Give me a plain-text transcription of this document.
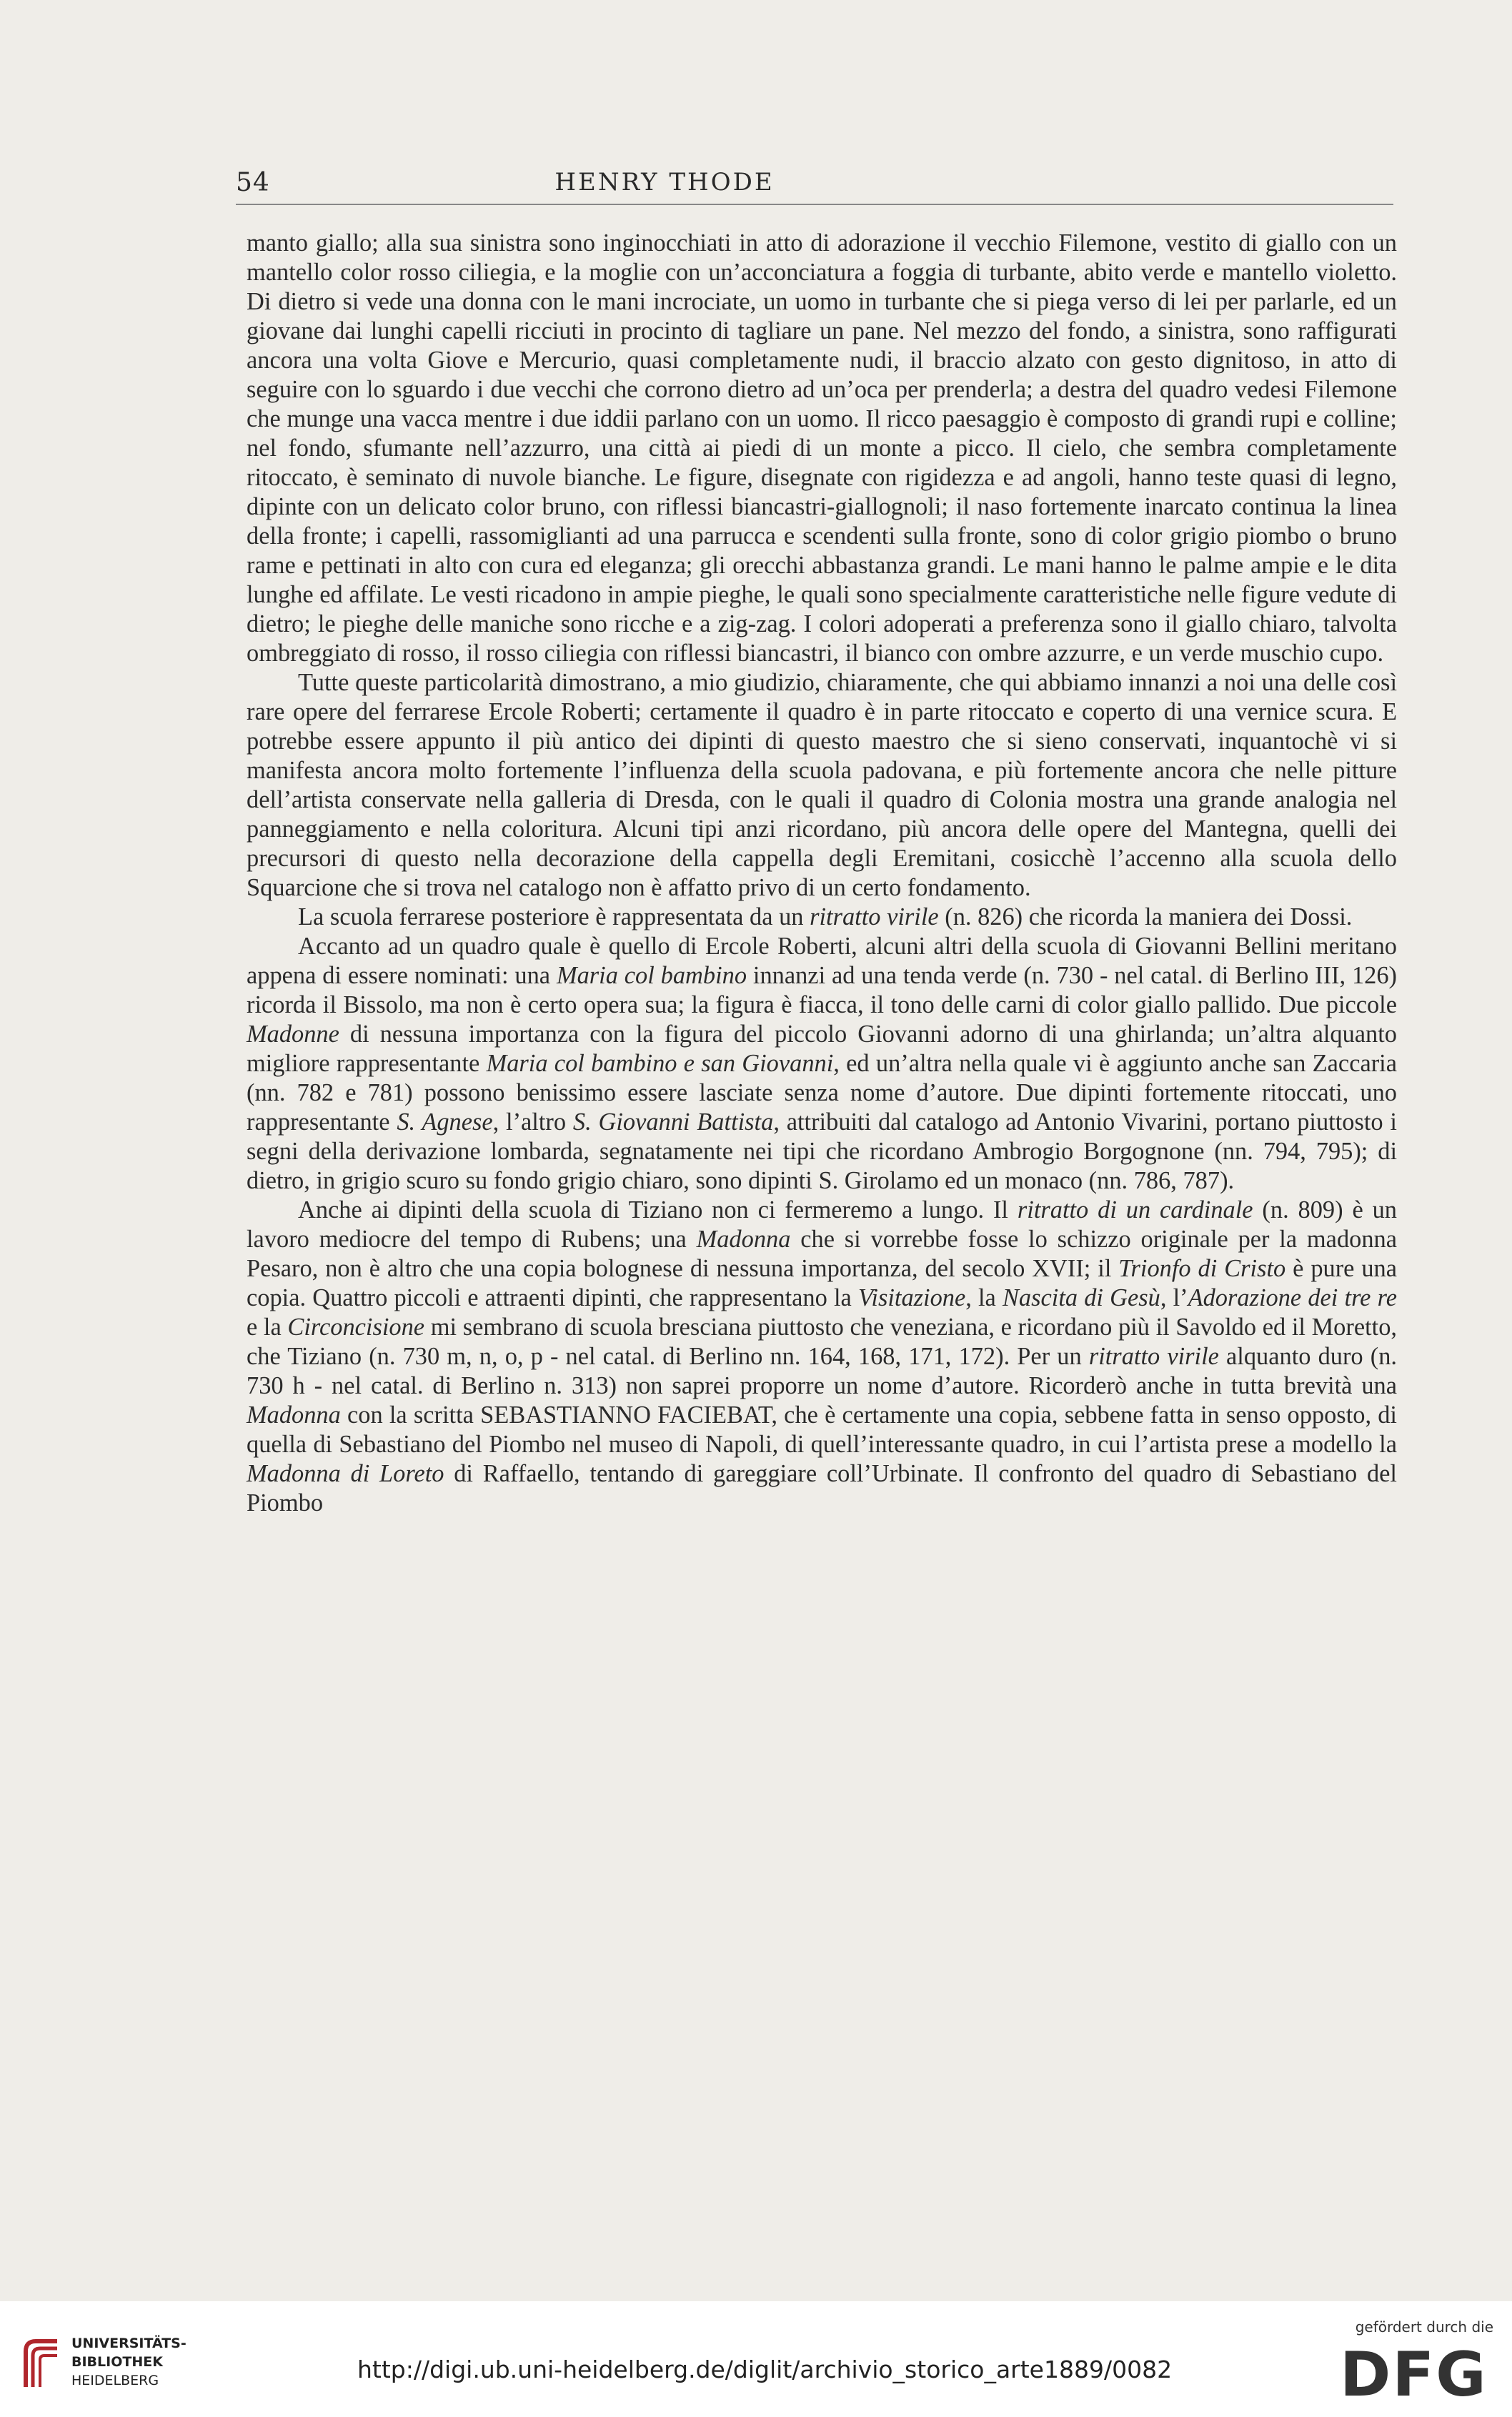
54	HENRY THODE

manto giallo; alla sua sinistra sono inginocchiati in atto di adorazione il vecchio Filemone, vestito di giallo con un mantello color rosso ciliegia, e la moglie con un’acconciatura a foggia di turbante, abito verde e mantello violetto. Di dietro si vede una donna con le mani incrociate, un uomo in turbante che si piega verso di lei per parlarle, ed un giovane dai lunghi capelli ricciuti in procinto di tagliare un pane. Nel mezzo del fondo, a sinistra, sono raffigurati ancora una volta Giove e Mercurio, quasi completamente nudi, il braccio alzato con gesto dignitoso, in atto di seguire con lo sguardo i due vecchi che corrono dietro ad un’oca per prenderla; a destra del quadro vedesi Filemone che munge una vacca mentre i due iddii parlano con un uomo. Il ricco paesaggio è composto di grandi rupi e colline; nel fondo, sfumante nell’azzurro, una città ai piedi di un monte a picco. Il cielo, che sembra completamente ritoccato, è seminato di nuvole bianche. Le figure, disegnate con rigidezza e ad angoli, hanno teste quasi di legno, dipinte con un delicato color bruno, con riflessi biancastri-giallognoli; il naso fortemente inarcato continua la linea della fronte; i capelli, rassomiglianti ad una parrucca e scendenti sulla fronte, sono di color grigio piombo o bruno rame e pettinati in alto con cura ed eleganza; gli orecchi abbastanza grandi. Le mani hanno le palme ampie e le dita lunghe ed affilate. Le vesti ricadono in ampie pieghe, le quali sono specialmente caratteristiche nelle figure vedute di dietro; le pieghe delle maniche sono ricche e a zig-zag. I colori adoperati a preferenza sono il giallo chiaro, talvolta ombreggiato di rosso, il rosso ciliegia con riflessi biancastri, il bianco con ombre azzurre, e un verde muschio cupo.

Tutte queste particolarità dimostrano, a mio giudizio, chiaramente, che qui abbiamo innanzi a noi una delle così rare opere del ferrarese Ercole Roberti; certamente il quadro è in parte ritoccato e coperto di una vernice scura. E potrebbe essere appunto il più antico dei dipinti di questo maestro che si sieno conservati, inquantochè vi si manifesta ancora molto fortemente l’influenza della scuola padovana, e più fortemente ancora che nelle pitture dell’artista conservate nella galleria di Dresda, con le quali il quadro di Colonia mostra una grande analogia nel panneggiamento e nella coloritura. Alcuni tipi anzi ricordano, più ancora delle opere del Mantegna, quelli dei precursori di questo nella decorazione della cappella degli Eremitani, cosicchè l’accenno alla scuola dello Squarcione che si trova nel catalogo non è affatto privo di un certo fondamento.

La scuola ferrarese posteriore è rappresentata da un ritratto virile (n. 826) che ricorda la maniera dei Dossi.

Accanto ad un quadro quale è quello di Ercole Roberti, alcuni altri della scuola di Giovanni Bellini meritano appena di essere nominati: una Maria col bambino innanzi ad una tenda verde (n. 730 - nel catal. di Berlino III, 126) ricorda il Bissolo, ma non è certo opera sua; la figura è fiacca, il tono delle carni di color giallo pallido. Due piccole Madonne di nessuna importanza con la figura del piccolo Giovanni adorno di una ghirlanda; un’altra alquanto migliore rappresentante Maria col bambino e san Giovanni, ed un’altra nella quale vi è aggiunto anche san Zaccaria (nn. 782 e 781) possono benissimo essere lasciate senza nome d’autore. Due dipinti fortemente ritoccati, uno rappresentante S. Agnese, l’altro S. Giovanni Battista, attribuiti dal catalogo ad Antonio Vivarini, portano piuttosto i segni della derivazione lombarda, segnatamente nei tipi che ricordano Ambrogio Borgognone (nn. 794, 795); di dietro, in grigio scuro su fondo grigio chiaro, sono dipinti S. Girolamo ed un monaco (nn. 786, 787).

Anche ai dipinti della scuola di Tiziano non ci fermeremo a lungo. Il ritratto di un cardinale (n. 809) è un lavoro mediocre del tempo di Rubens; una Madonna che si vorrebbe fosse lo schizzo originale per la madonna Pesaro, non è altro che una copia bolognese di nessuna importanza, del secolo XVII; il Trionfo di Cristo è pure una copia. Quattro piccoli e attraenti dipinti, che rappresentano la Visitazione, la Nascita di Gesù, l’Adorazione dei tre re e la Circoncisione mi sembrano di scuola bresciana piuttosto che veneziana, e ricordano più il Savoldo ed il Moretto, che Tiziano (n. 730 m, n, o, p - nel catal. di Berlino nn. 164, 168, 171, 172). Per un ritratto virile alquanto duro (n. 730 h - nel catal. di Berlino n. 313) non saprei proporre un nome d’autore. Ricorderò anche in tutta brevità una Madonna con la scritta SEBASTIANNO FACIEBAT, che è certamente una copia, sebbene fatta in senso opposto, di quella di Sebastiano del Piombo nel museo di Napoli, di quell’interessante quadro, in cui l’artista prese a modello la Madonna di Loreto di Raffaello, tentando di gareggiare coll’Urbinate. Il confronto del quadro di Sebastiano del Piombo

UNIVERSITÄTS-
BIBLIOTHEK
HEIDELBERG	http://digi.ub.uni-heidelberg.de/diglit/archivio_storico_arte1889/0082
gefördert durch die
DFG
